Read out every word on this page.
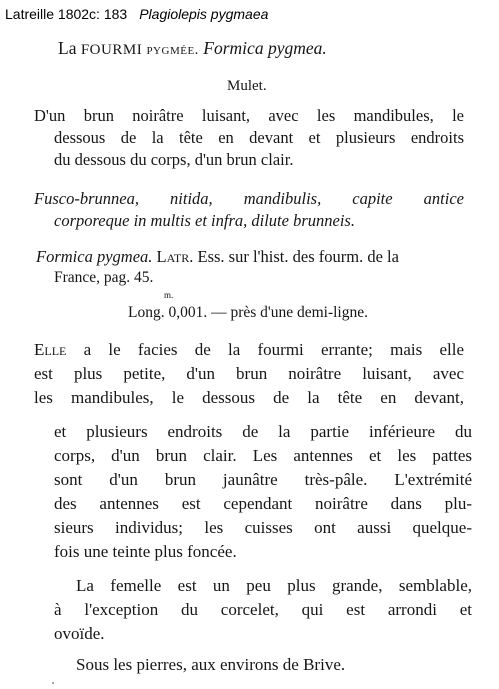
Latreille 1802c: 183 Plagiolepis pygmaea
La FOURMI pygmée. Formica pygmea.
Mulet.
D'un brun noirâtre luisant, avec les mandibules, le
dessous de la tête en devant et plusieurs endroits
du dessous du corps, d'un brun clair.
Fusco-brunnea, nitida, mandibulis, capite antice
corporeque in multis et infra, dilute brunneis.
Formica pygmea. Latr. Ess. sur l'hist. des fourm. de la
France, pag. 45.
m.
Long. 0,001. — près d'une demi-ligne.
Elle a le facies de la fourmi errante; mais elle
est plus petite, d'un brun noirâtre luisant, avec
les mandibules, le dessous de la tête en devant,
et plusieurs endroits de la partie inférieure du
corps, d'un brun clair. Les antennes et les pattes
sont d'un brun jaunâtre très-pâle. L'extrémité
des antennes est cependant noirâtre dans plu-
sieurs individus; les cuisses ont aussi quelque-
fois une teinte plus foncée.
La femelle est un peu plus grande, semblable,
à l'exception du corcelet, qui est arrondi et
ovoïde.
Sous les pierres, aux environs de Brive.
